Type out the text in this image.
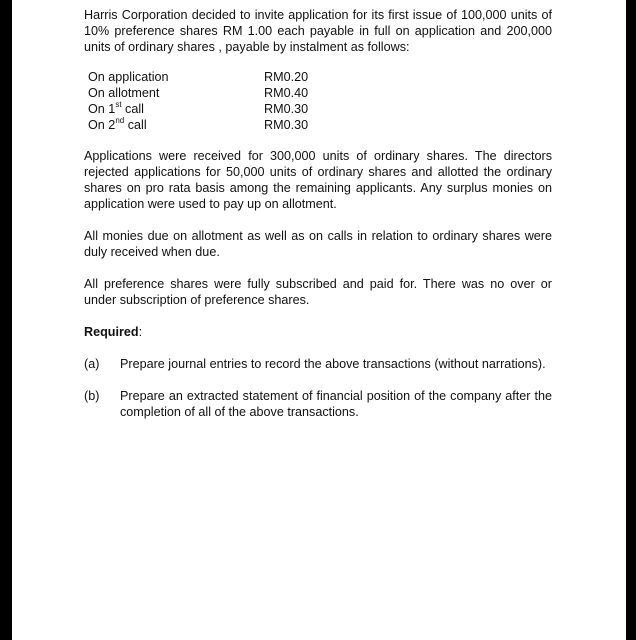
Harris Corporation decided to invite application for its first issue of 100,000 units of 10% preference shares RM 1.00 each payable in full on application and 200,000 units of ordinary shares , payable by instalment as follows:

On application	RM0.20
On allotment	RM0.40
On 1st call	RM0.30
On 2nd call	RM0.30

Applications were received for 300,000 units of ordinary shares. The directors rejected applications for 50,000 units of ordinary shares and allotted the ordinary shares on pro rata basis among the remaining applicants. Any surplus monies on application were used to pay up on allotment.

All monies due on allotment as well as on calls in relation to ordinary shares were duly received when due.

All preference shares were fully subscribed and paid for. There was no over or under subscription of preference shares.

Required:
(a)	Prepare journal entries to record the above transactions (without narrations).
(b)	Prepare an extracted statement of financial position of the company after the completion of all of the above transactions.
